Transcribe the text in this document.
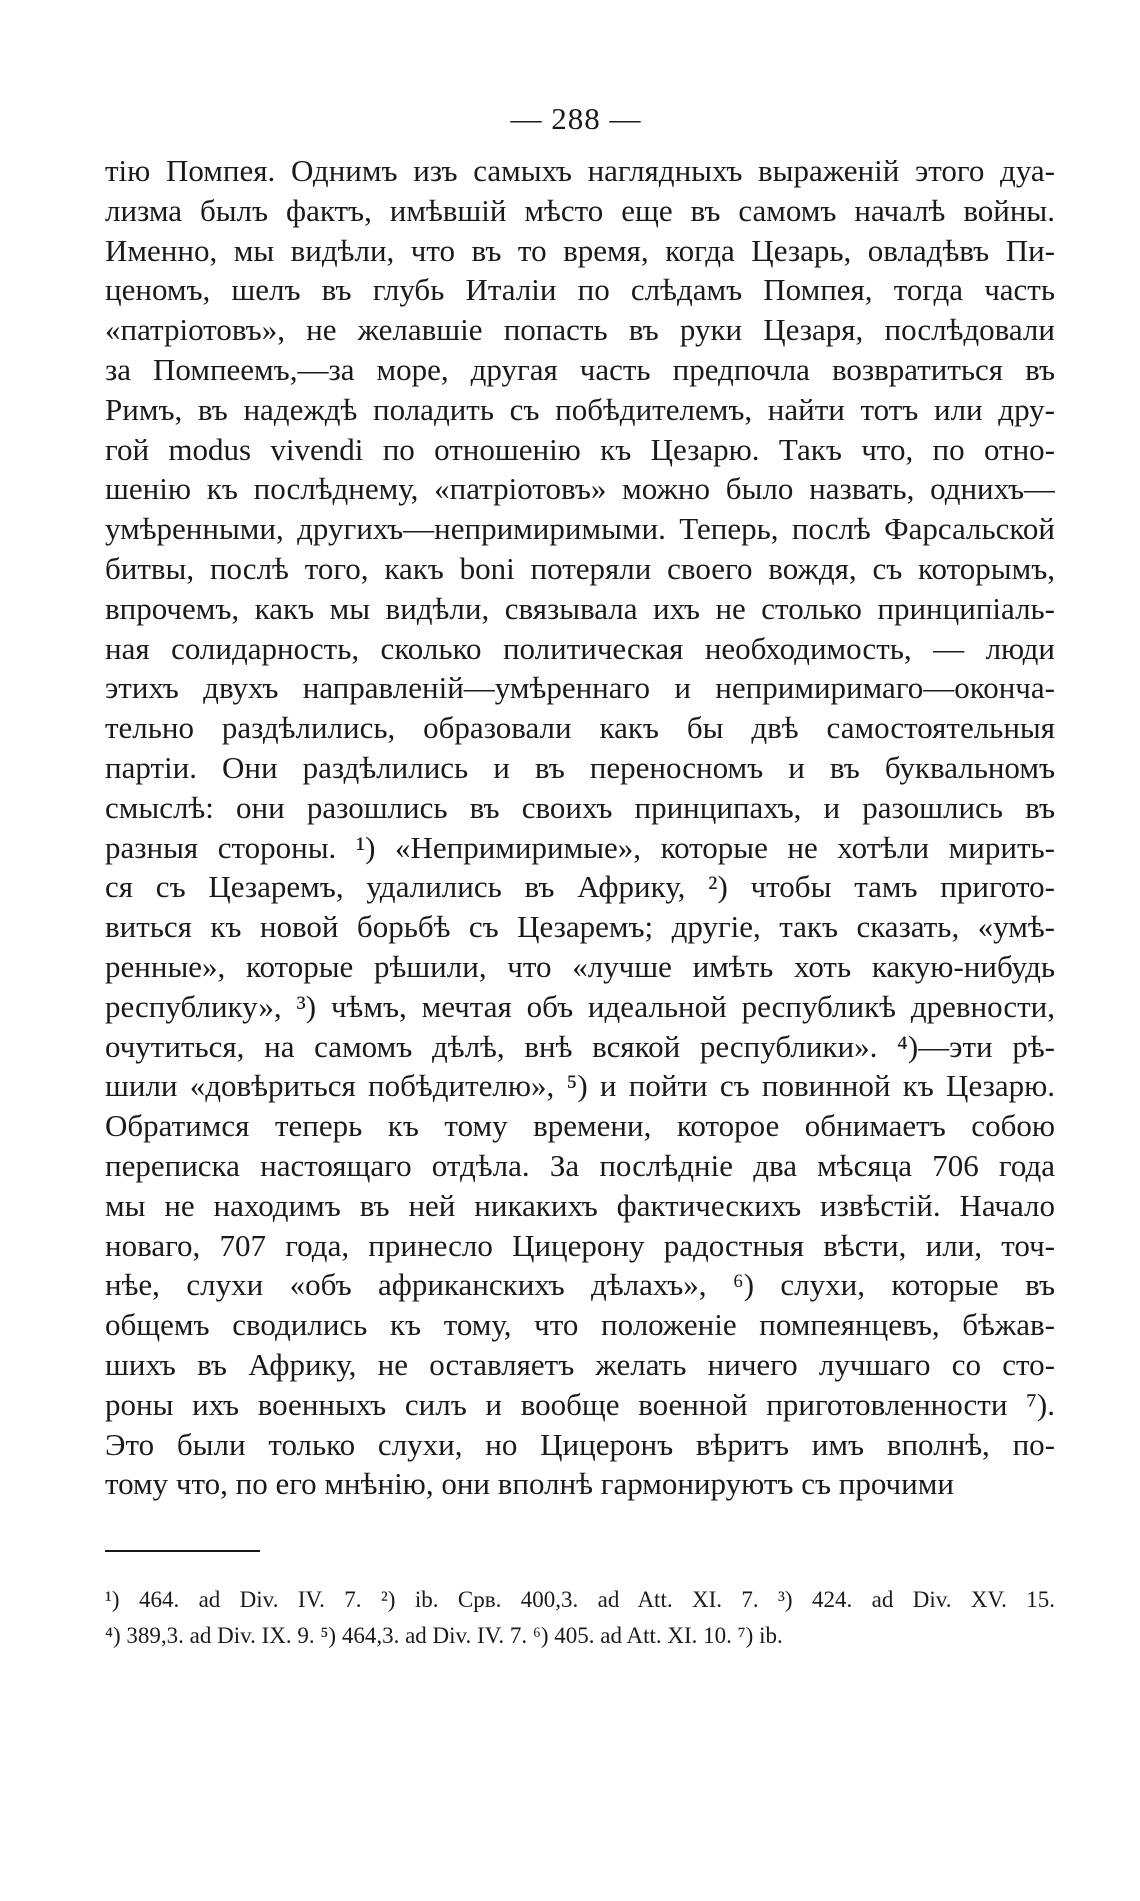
— 288 —
тію Помпея. Однимъ изъ самыхъ наглядныхъ выраженій этого дуа-
лизма былъ фактъ, имѣвшій мѣсто еще въ самомъ началѣ войны.
Именно, мы видѣли, что въ то время, когда Цезарь, овладѣвъ Пи-
ценомъ, шелъ въ глубь Италіи по слѣдамъ Помпея, тогда часть
«патріотовъ», не желавшіе попасть въ руки Цезаря, послѣдовали
за Помпеемъ,—за море, другая часть предпочла возвратиться въ
Римъ, въ надеждѣ поладить съ побѣдителемъ, найти тотъ или дру-
гой modus vivendi по отношенію къ Цезарю. Такъ что, по отно-
шенію къ послѣднему, «патріотовъ» можно было назвать, однихъ—
умѣренными, другихъ—непримиримыми. Теперь, послѣ Фарсальской
битвы, послѣ того, какъ boni потеряли своего вождя, съ которымъ,
впрочемъ, какъ мы видѣли, связывала ихъ не столько принципіаль-
ная солидарность, сколько политическая необходимость, — люди
этихъ двухъ направленій—умѣреннаго и непримиримаго—оконча-
тельно раздѣлились, образовали какъ бы двѣ самостоятельныя
партіи. Они раздѣлились и въ переносномъ и въ буквальномъ
смыслѣ: они разошлись въ своихъ принципахъ, и разошлись въ
разныя стороны. ¹) «Непримиримые», которые не хотѣли мирить-
ся съ Цезаремъ, удалились въ Африку, ²) чтобы тамъ пригото-
виться къ новой борьбѣ съ Цезаремъ; другіе, такъ сказать, «умѣ-
ренные», которые рѣшили, что «лучше имѣть хоть какую-нибудь
республику», ³) чѣмъ, мечтая объ идеальной республикѣ древности,
очутиться, на самомъ дѣлѣ, внѣ всякой республики». ⁴)—эти рѣ-
шили «довѣриться побѣдителю», ⁵) и пойти съ повинной къ Цезарю.
Обратимся теперь къ тому времени, которое обнимаетъ собою
переписка настоящаго отдѣла. За послѣдніе два мѣсяца 706 года
мы не находимъ въ ней никакихъ фактическихъ извѣстій. Начало
новаго, 707 года, принесло Цицерону радостныя вѣсти, или, точ-
нѣе, слухи «объ африканскихъ дѣлахъ», ⁶) слухи, которые въ
общемъ сводились къ тому, что положеніе помпеянцевъ, бѣжав-
шихъ въ Африку, не оставляетъ желать ничего лучшаго со сто-
роны ихъ военныхъ силъ и вообще военной приготовленности ⁷).
Это были только слухи, но Цицеронъ вѣритъ имъ вполнѣ, по-
тому что, по его мнѣнію, они вполнѣ гармонируютъ съ прочими
¹) 464. ad Div. IV. 7. ²) ib. Срв. 400,3. ad Att. XI. 7. ³) 424. ad Div. XV. 15.
⁴) 389,3. ad Div. IX. 9. ⁵) 464,3. ad Div. IV. 7. ⁶) 405. ad Att. XI. 10. ⁷) ib.
